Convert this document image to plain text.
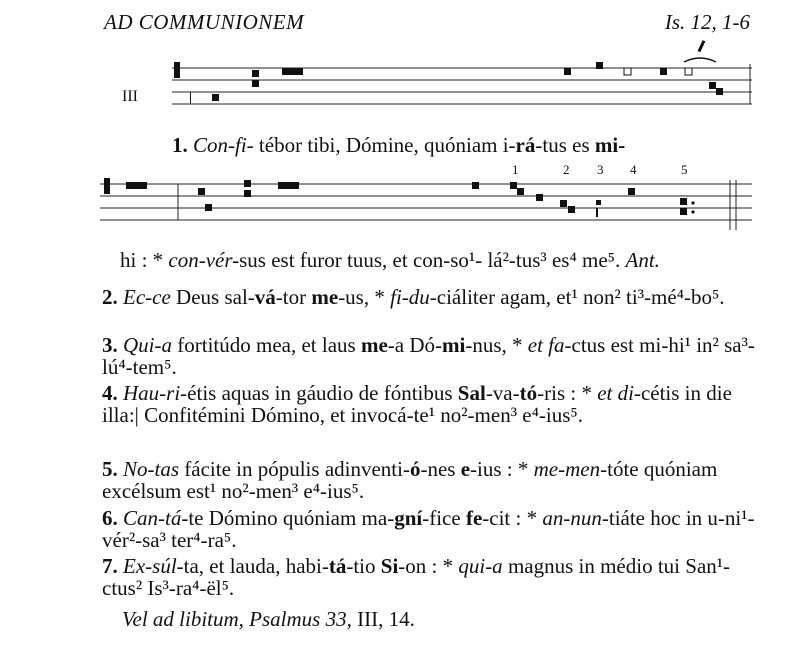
AD COMMUNIONEM	Is. 12, 1-6
III
1. Con-fi- tébor tibi, Dómine, quóniam i-rá-tus es mi-
1	2 3 4	5
hi : * con-vér-sus est furor tuus, et con-so¹- lá²-tus³ es⁴ me⁵. Ant.
2. Ec-ce Deus sal-vá-tor me-us, * fi-du-ciáliter agam, et¹ non² ti³-mé⁴-bo⁵.
3. Qui-a fortitúdo mea, et laus me-a Dó-mi-nus, * et fa-ctus est mi-hi¹ in² sa³-lú⁴-tem⁵.
4. Hau-ri-étis aquas in gáudio de fóntibus Sal-va-tó-ris : * et di-cétis in die illa:| Confitémini Dómino, et invocá-te¹ no²-men³ e⁴-ius⁵.
5. No-tas fácite in pópulis adinventi-ó-nes e-ius : * me-men-tóte quóniam excélsum est¹ no²-men³ e⁴-ius⁵.
6. Can-tá-te Dómino quóniam ma-gní-fice fe-cit : * an-nun-tiáte hoc in u-ni¹-vér²-sa³ ter⁴-ra⁵.
7. Ex-súl-ta, et lauda, habi-tá-tio Si-on : * qui-a magnus in médio tui San¹-ctus² Is³-ra⁴-ël⁵.
Vel ad libitum, Psalmus 33, III, 14.
